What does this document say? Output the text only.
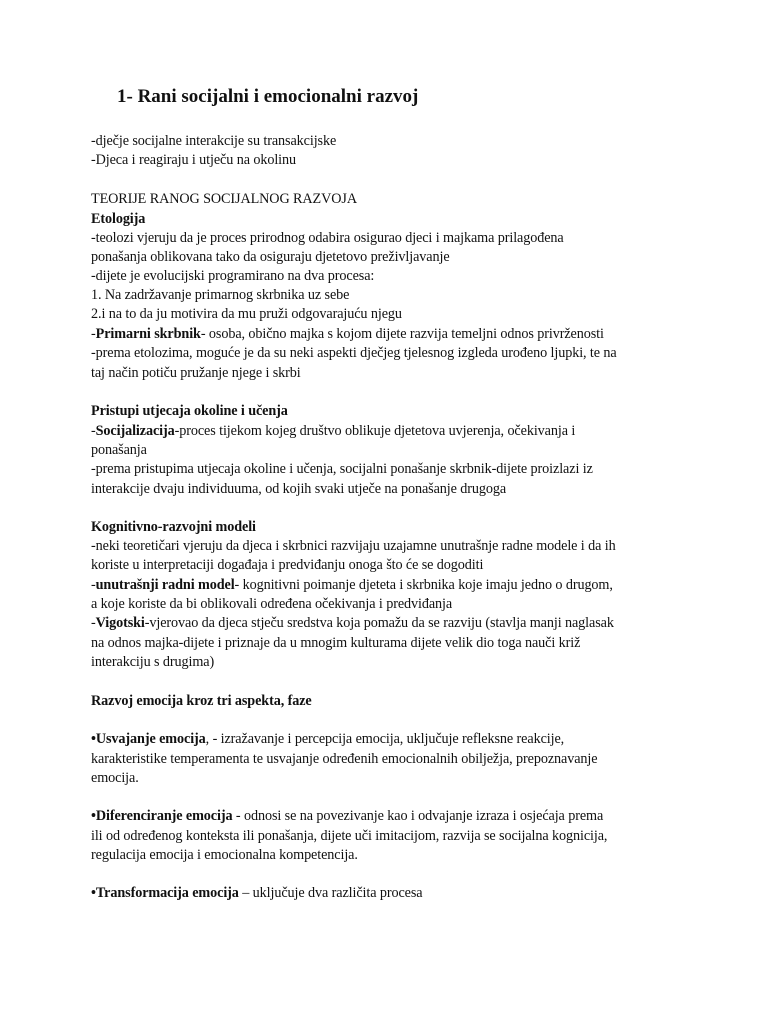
1- Rani socijalni i emocionalni razvoj
-dječje socijalne interakcije su transakcijske
-Djeca i reagiraju i utječu na okolinu
TEORIJE RANOG SOCIJALNOG RAZVOJA
Etologija
-teolozi vjeruju da je proces prirodnog odabira osigurao djeci i majkama prilagođena
ponašanja oblikovana tako da osiguraju djetetovo preživljavanje
-dijete je evolucijski programirano na dva procesa:
1. Na zadržavanje primarnog skrbnika uz sebe
2.i na to da ju motivira da mu pruži odgovarajuću njegu
-Primarni skrbnik- osoba, obično majka s kojom dijete razvija temeljni odnos privrženosti
-prema etolozima, moguće je da su neki aspekti dječjeg tjelesnog izgleda urođeno ljupki, te na
taj način potiču pružanje njege i skrbi
Pristupi utjecaja okoline i učenja
-Socijalizacija-proces tijekom kojeg društvo oblikuje djetetova uvjerenja, očekivanja i
ponašanja
-prema pristupima utjecaja okoline i učenja, socijalni ponašanje skrbnik-dijete proizlazi iz
interakcije dvaju individuuma, od kojih svaki utječe na ponašanje drugoga
Kognitivno-razvojni modeli
-neki teoretičari vjeruju da djeca i skrbnici razvijaju uzajamne unutrašnje radne modele i da ih
koriste u interpretaciji događaja i predviđanju onoga što će se dogoditi
-unutrašnji radni model- kognitivni poimanje djeteta i skrbnika koje imaju jedno o drugom,
a koje koriste da bi oblikovali određena očekivanja i predviđanja
-Vigotski-vjerovao da djeca stječu sredstva koja pomažu da se razviju (stavlja manji naglasak
na odnos majka-dijete i priznaje da u mnogim kulturama dijete velik dio toga nauči križ
interakciju s drugima)
Razvoj emocija kroz tri aspekta, faze
•Usvajanje emocija, - izražavanje i percepcija emocija, uključuje refleksne reakcije,
karakteristike temperamenta te usvajanje određenih emocionalnih obilježja, prepoznavanje
emocija.
•Diferenciranje emocija - odnosi se na povezivanje kao i odvajanje izraza i osjećaja prema
ili od određenog konteksta ili ponašanja, dijete uči imitacijom, razvija se socijalna kognicija,
regulacija emocija i emocionalna kompetencija.
•Transformacija emocija – uključuje dva različita procesa
